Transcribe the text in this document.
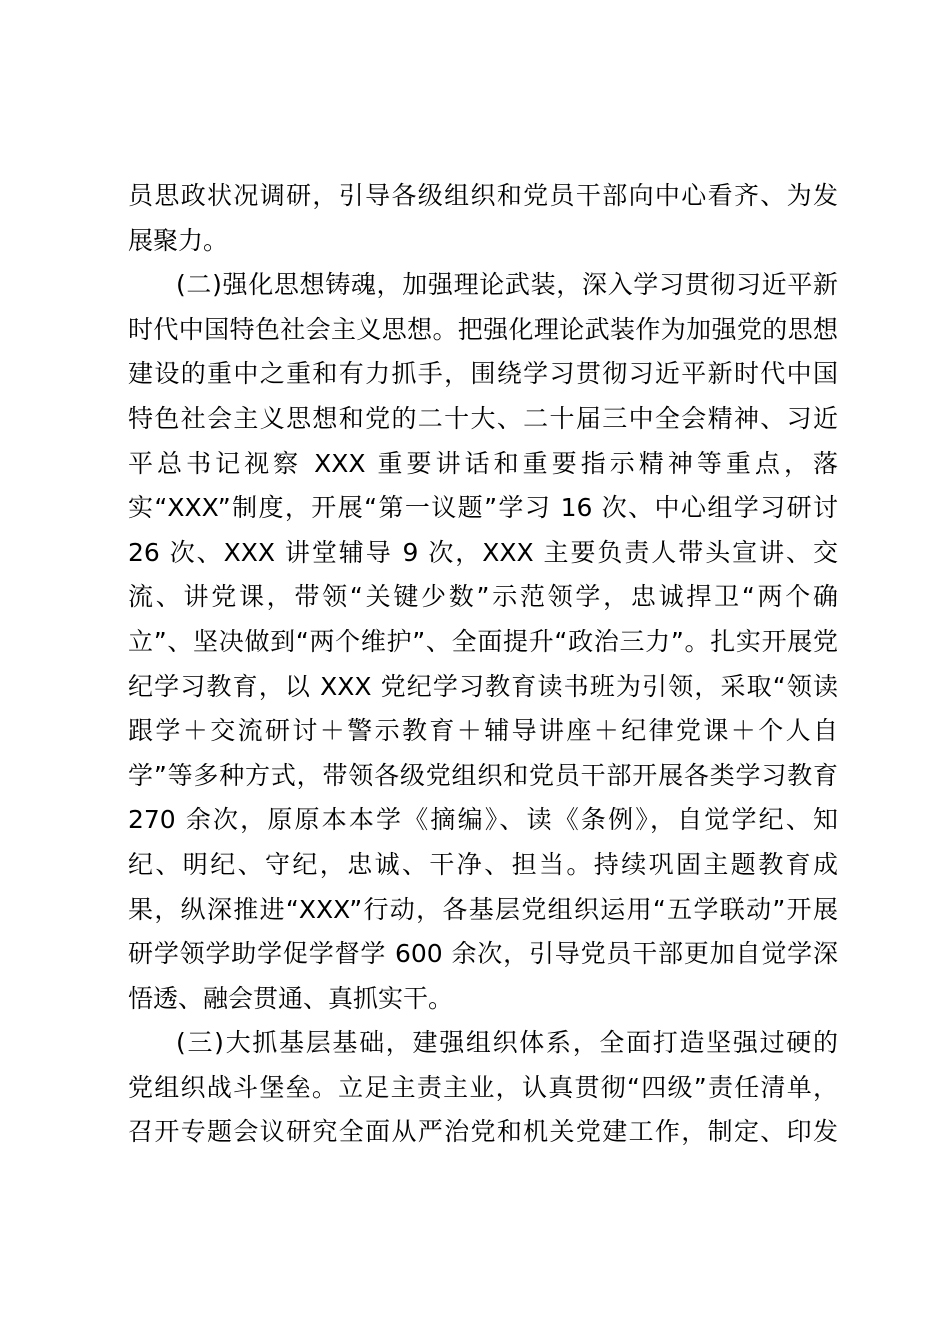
员思政状况调研，引导各级组织和党员干部向中心看齐、为发
展聚力。
(二)强化思想铸魂，加强理论武装，深入学习贯彻习近平新
时代中国特色社会主义思想。把强化理论武装作为加强党的思想
建设的重中之重和有力抓手，围绕学习贯彻习近平新时代中国
特色社会主义思想和党的二十大、二十届三中全会精神、习近
平总书记视察 XXX 重要讲话和重要指示精神等重点，落
实“XXX”制度，开展“第一议题”学习 16 次、中心组学习研讨
26 次、XXX 讲堂辅导 9 次，XXX 主要负责人带头宣讲、交
流、讲党课，带领“关键少数”示范领学，忠诚捍卫“两个确
立”、坚决做到“两个维护”、全面提升“政治三力”。扎实开展党
纪学习教育，以 XXX 党纪学习教育读书班为引领，采取“领读
跟学＋交流研讨＋警示教育＋辅导讲座＋纪律党课＋个人自
学”等多种方式，带领各级党组织和党员干部开展各类学习教育
270 余次，原原本本学《摘编》、读《条例》，自觉学纪、知
纪、明纪、守纪，忠诚、干净、担当。持续巩固主题教育成
果，纵深推进“XXX”行动，各基层党组织运用“五学联动”开展
研学领学助学促学督学 600 余次，引导党员干部更加自觉学深
悟透、融会贯通、真抓实干。
(三)大抓基层基础，建强组织体系，全面打造坚强过硬的
党组织战斗堡垒。立足主责主业，认真贯彻“四级”责任清单，
召开专题会议研究全面从严治党和机关党建工作，制定、印发
